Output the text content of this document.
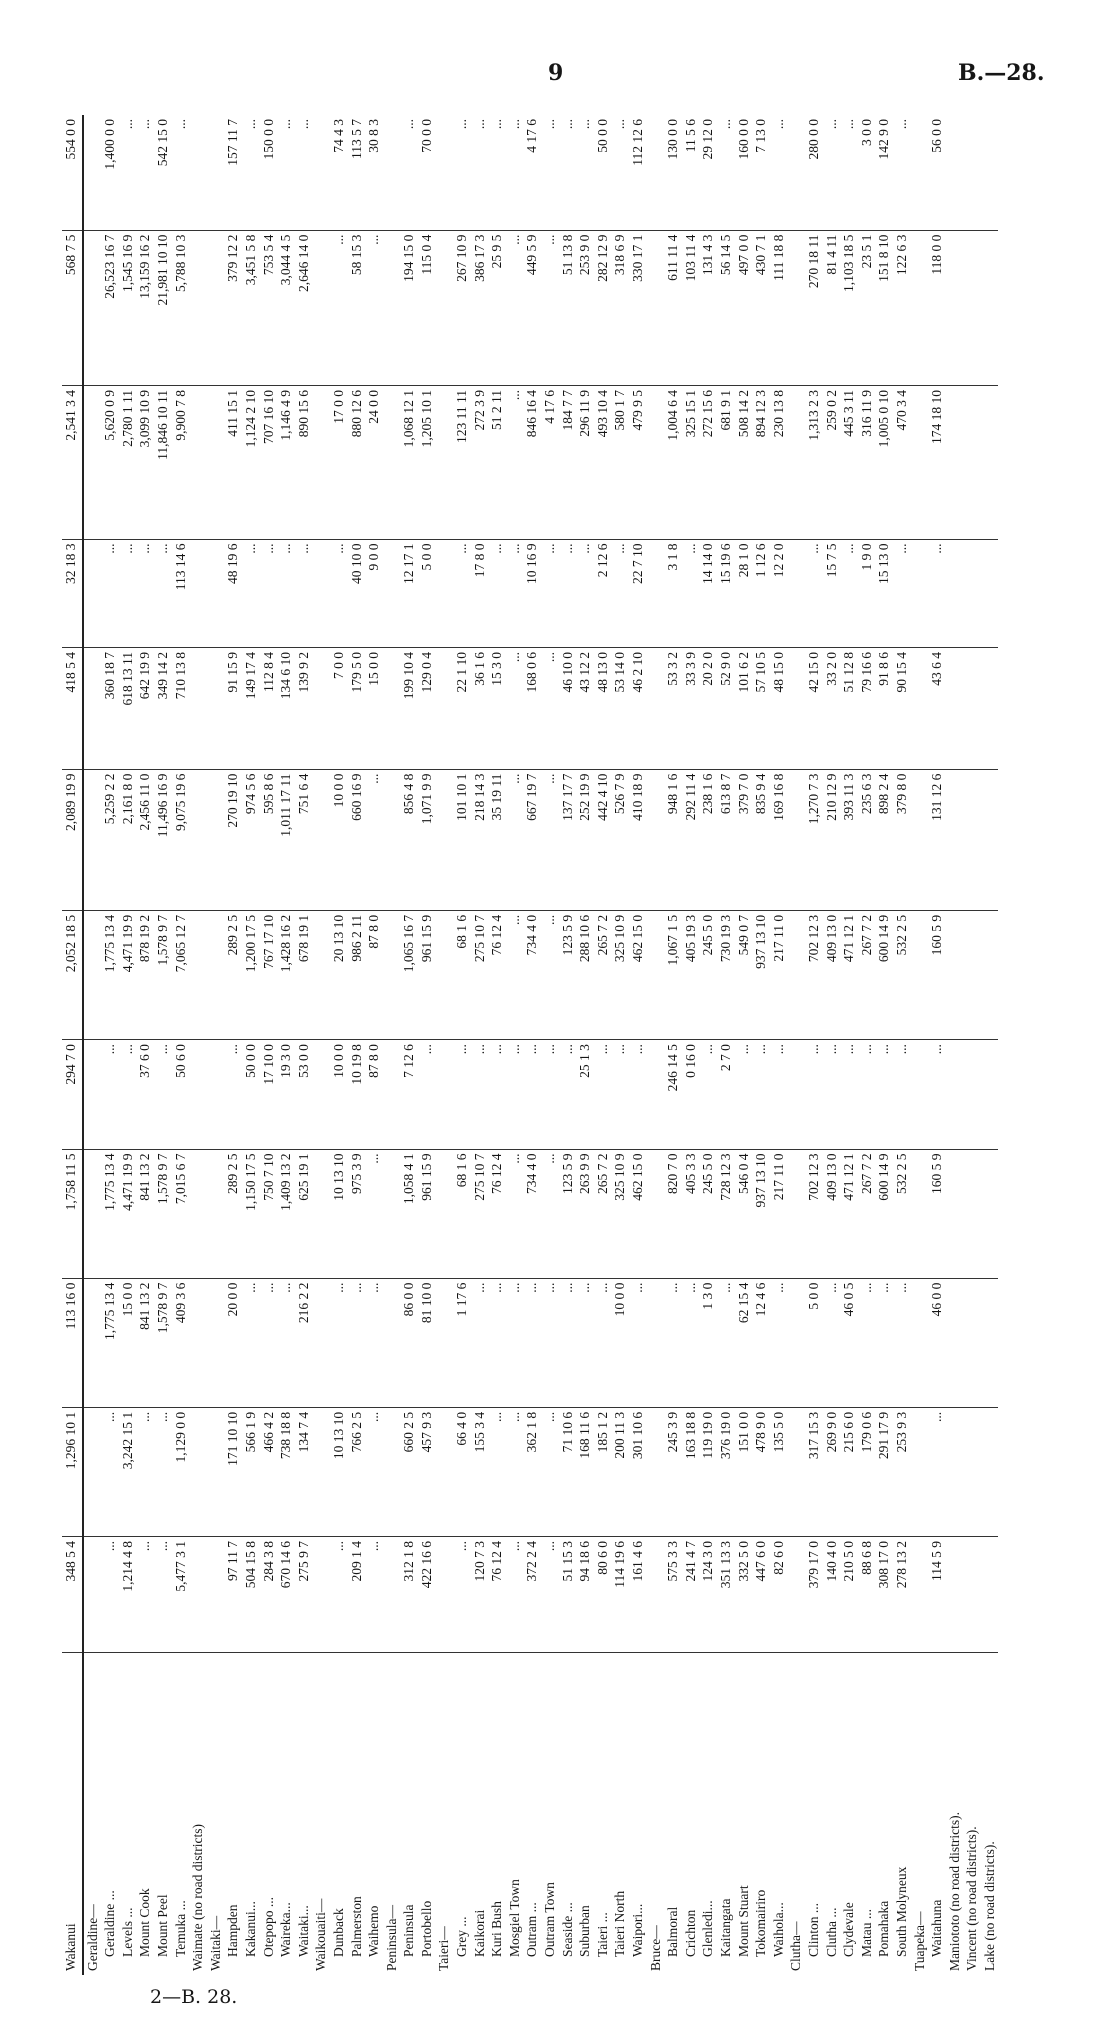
9	B.—28.
Wakanui	348 5 4	1,296 10 1	113 16 0	1,758 11 5	294 7 0	2,052 18 5	2,089 19 9	418 5 4	32 18 3	2,541 3 4	568 7 5	554 0 0
Geraldine—												
Geraldine ...	...	...	1,775 13 4	1,775 13 4	...	1,775 13 4	5,259 2 2	360 18 7	...	5,620 0 9	26,523 16 7	1,400 0 0
Levels ...	1,214 4 8	3,242 15 1	15 0 0	4,471 19 9	...	4,471 19 9	2,161 8 0	618 13 11	...	2,780 1 11	1,545 16 9	...
Mount Cook	...	...	841 13 2	841 13 2	37 6 0	878 19 2	2,456 11 0	642 19 9	...	3,099 10 9	13,159 16 2	...
Mount Peel	...	...	1,578 9 7	1,578 9 7	...	1,578 9 7	11,496 16 9	349 14 2	...	11,846 10 11	21,981 10 10	542 15 0
Temuka ...	5,477 3 1	1,129 0 0	409 3 6	7,015 6 7	50 6 0	7,065 12 7	9,075 19 6	710 13 8	113 14 6	9,900 7 8	5,788 10 3	...
Waimate (no road districts)												
Waitaki—												
Hampden	97 11 7	171 10 10	20 0 0	289 2 5	...	289 2 5	270 19 10	91 15 9	48 19 6	411 15 1	379 12 2	157 11 7
Kakanui...	504 15 8	566 1 9	...	1,150 17 5	50 0 0	1,200 17 5	974 5 6	149 17 4	...	1,124 2 10	3,451 5 8	...
Otepopo ...	284 3 8	466 4 2	...	750 7 10	17 10 0	767 17 10	595 8 6	112 8 4	...	707 16 10	753 5 4	150 0 0
Waireka...	670 14 6	738 18 8	...	1,409 13 2	19 3 0	1,428 16 2	1,011 17 11	134 6 10	...	1,146 4 9	3,044 4 5	...
Waitaki...	275 9 7	134 7 4	216 2 2	625 19 1	53 0 0	678 19 1	751 6 4	139 9 2	...	890 15 6	2,646 14 0	...
Waikouaiti—												
Dunback	...	10 13 10	...	10 13 10	10 0 0	20 13 10	10 0 0	7 0 0	...	17 0 0	...	74 4 3
Palmerston	209 1 4	766 2 5	...	975 3 9	10 19 8	986 2 11	660 16 9	179 5 0	40 10 0	880 12 6	58 15 3	113 5 7
Waihemo	...	...	...	...	87 8 0	87 8 0	...	15 0 0	9 0 0	24 0 0	...	30 8 3
Peninsula—												
Peninsula	312 1 8	660 2 5	86 0 0	1,058 4 1	7 12 6	1,065 16 7	856 4 8	199 10 4	12 17 1	1,068 12 1	194 15 0	...
Portobello	422 16 6	457 9 3	81 10 0	961 15 9	...	961 15 9	1,071 9 9	129 0 4	5 0 0	1,205 10 1	115 0 4	70 0 0
Taieri—												
Grey ...	...	66 4 0	1 17 6	68 1 6	...	68 1 6	101 10 1	22 1 10	...	123 11 11	267 10 9	...
Kaikorai	120 7 3	155 3 4	...	275 10 7	...	275 10 7	218 14 3	36 1 6	17 8 0	272 3 9	386 17 3	...
Kuri Bush	76 12 4	...	...	76 12 4	...	76 12 4	35 19 11	15 3 0	...	51 2 11	25 9 5	...
Mosgiel Town	...	...	...	...	...	...	...	...	...	...	...	...
Outram ...	372 2 4	362 1 8	...	734 4 0	...	734 4 0	667 19 7	168 0 6	10 16 9	846 16 4	449 5 9	4 17 6
Outram Town	...	...	...	...	...	...	...	...	...	4 17 6	...	...
Seaside ...	51 15 3	71 10 6	...	123 5 9	...	123 5 9	137 17 7	46 10 0	...	184 7 7	51 13 8	...
Suburban	94 18 6	168 11 6	...	263 9 9	25 1 3	288 10 6	252 19 9	43 12 2	...	296 11 9	253 9 0	...
Taieri ...	80 6 0	185 1 2	...	265 7 2	...	265 7 2	442 4 10	48 13 0	2 12 6	493 10 4	282 12 9	50 0 0
Taieri North	114 19 6	200 11 3	10 0 0	325 10 9	...	325 10 9	526 7 9	53 14 0	...	580 1 7	318 6 9	...
Waipori...	161 4 6	301 10 6	...	462 15 0	...	462 15 0	410 18 9	46 2 10	22 7 10	479 9 5	330 17 1	112 12 6
Bruce—												
Balmoral	575 3 3	245 3 9	...	820 7 0	246 14 5	1,067 1 5	948 1 6	53 3 2	3 1 8	1,004 6 4	611 11 4	130 0 0
Crichton	241 4 7	163 18 8	...	405 3 3	0 16 0	405 19 3	292 11 4	33 3 9	...	325 15 1	103 11 4	11 5 6
Glenledi...	124 3 0	119 19 0	1 3 0	245 5 0	...	245 5 0	238 1 6	20 2 0	14 14 0	272 15 6	131 4 3	29 12 0
Kaitangata	351 13 3	376 19 0	...	728 12 3	2 7 0	730 19 3	613 8 7	52 9 0	15 19 6	681 9 1	56 14 5	...
Mount Stuart	332 5 0	151 0 0	62 15 4	546 0 4	...	549 0 7	379 7 0	101 6 2	28 1 0	508 14 2	497 0 0	160 0 0
Tokomairiro	447 6 0	478 9 0	12 4 6	937 13 10	...	937 13 10	835 9 4	57 10 5	1 12 6	894 12 3	430 7 1	7 13 0
Waihola...	82 6 0	135 5 0	...	217 11 0	...	217 11 0	169 16 8	48 15 0	12 2 0	230 13 8	111 18 8	...
Clutha—												
Clinton ...	379 17 0	317 15 3	5 0 0	702 12 3	...	702 12 3	1,270 7 3	42 15 0	...	1,313 2 3	270 18 11	280 0 0
Clutha ...	140 4 0	269 9 0	...	409 13 0	...	409 13 0	210 12 9	33 2 0	15 7 5	259 0 2	81 4 11	...
Clydevale	210 5 0	215 6 0	46 0 5	471 12 1	...	471 12 1	393 11 3	51 12 8	...	445 3 11	1,103 18 5	...
Matau ...	88 6 8	179 0 6	...	267 7 2	...	267 7 2	235 6 3	79 16 6	1 9 0	316 11 9	23 5 1	3 0 0
Pomahaka	308 17 0	291 17 9	...	600 14 9	...	600 14 9	898 2 4	91 8 6	15 13 0	1,005 0 10	151 8 10	142 9 0
South Molyneux	278 13 2	253 9 3	...	532 2 5	...	532 2 5	379 8 0	90 15 4	...	470 3 4	122 6 3	...
Tuapeka—												
Waitahuna	114 5 9	...	46 0 0	160 5 9	...	160 5 9	131 12 6	43 6 4	...	174 18 10	118 0 0	56 0 0
Maniototo (no road districts).												
Vincent (no road districts).												
Lake (no road districts).												
2—B. 28.
